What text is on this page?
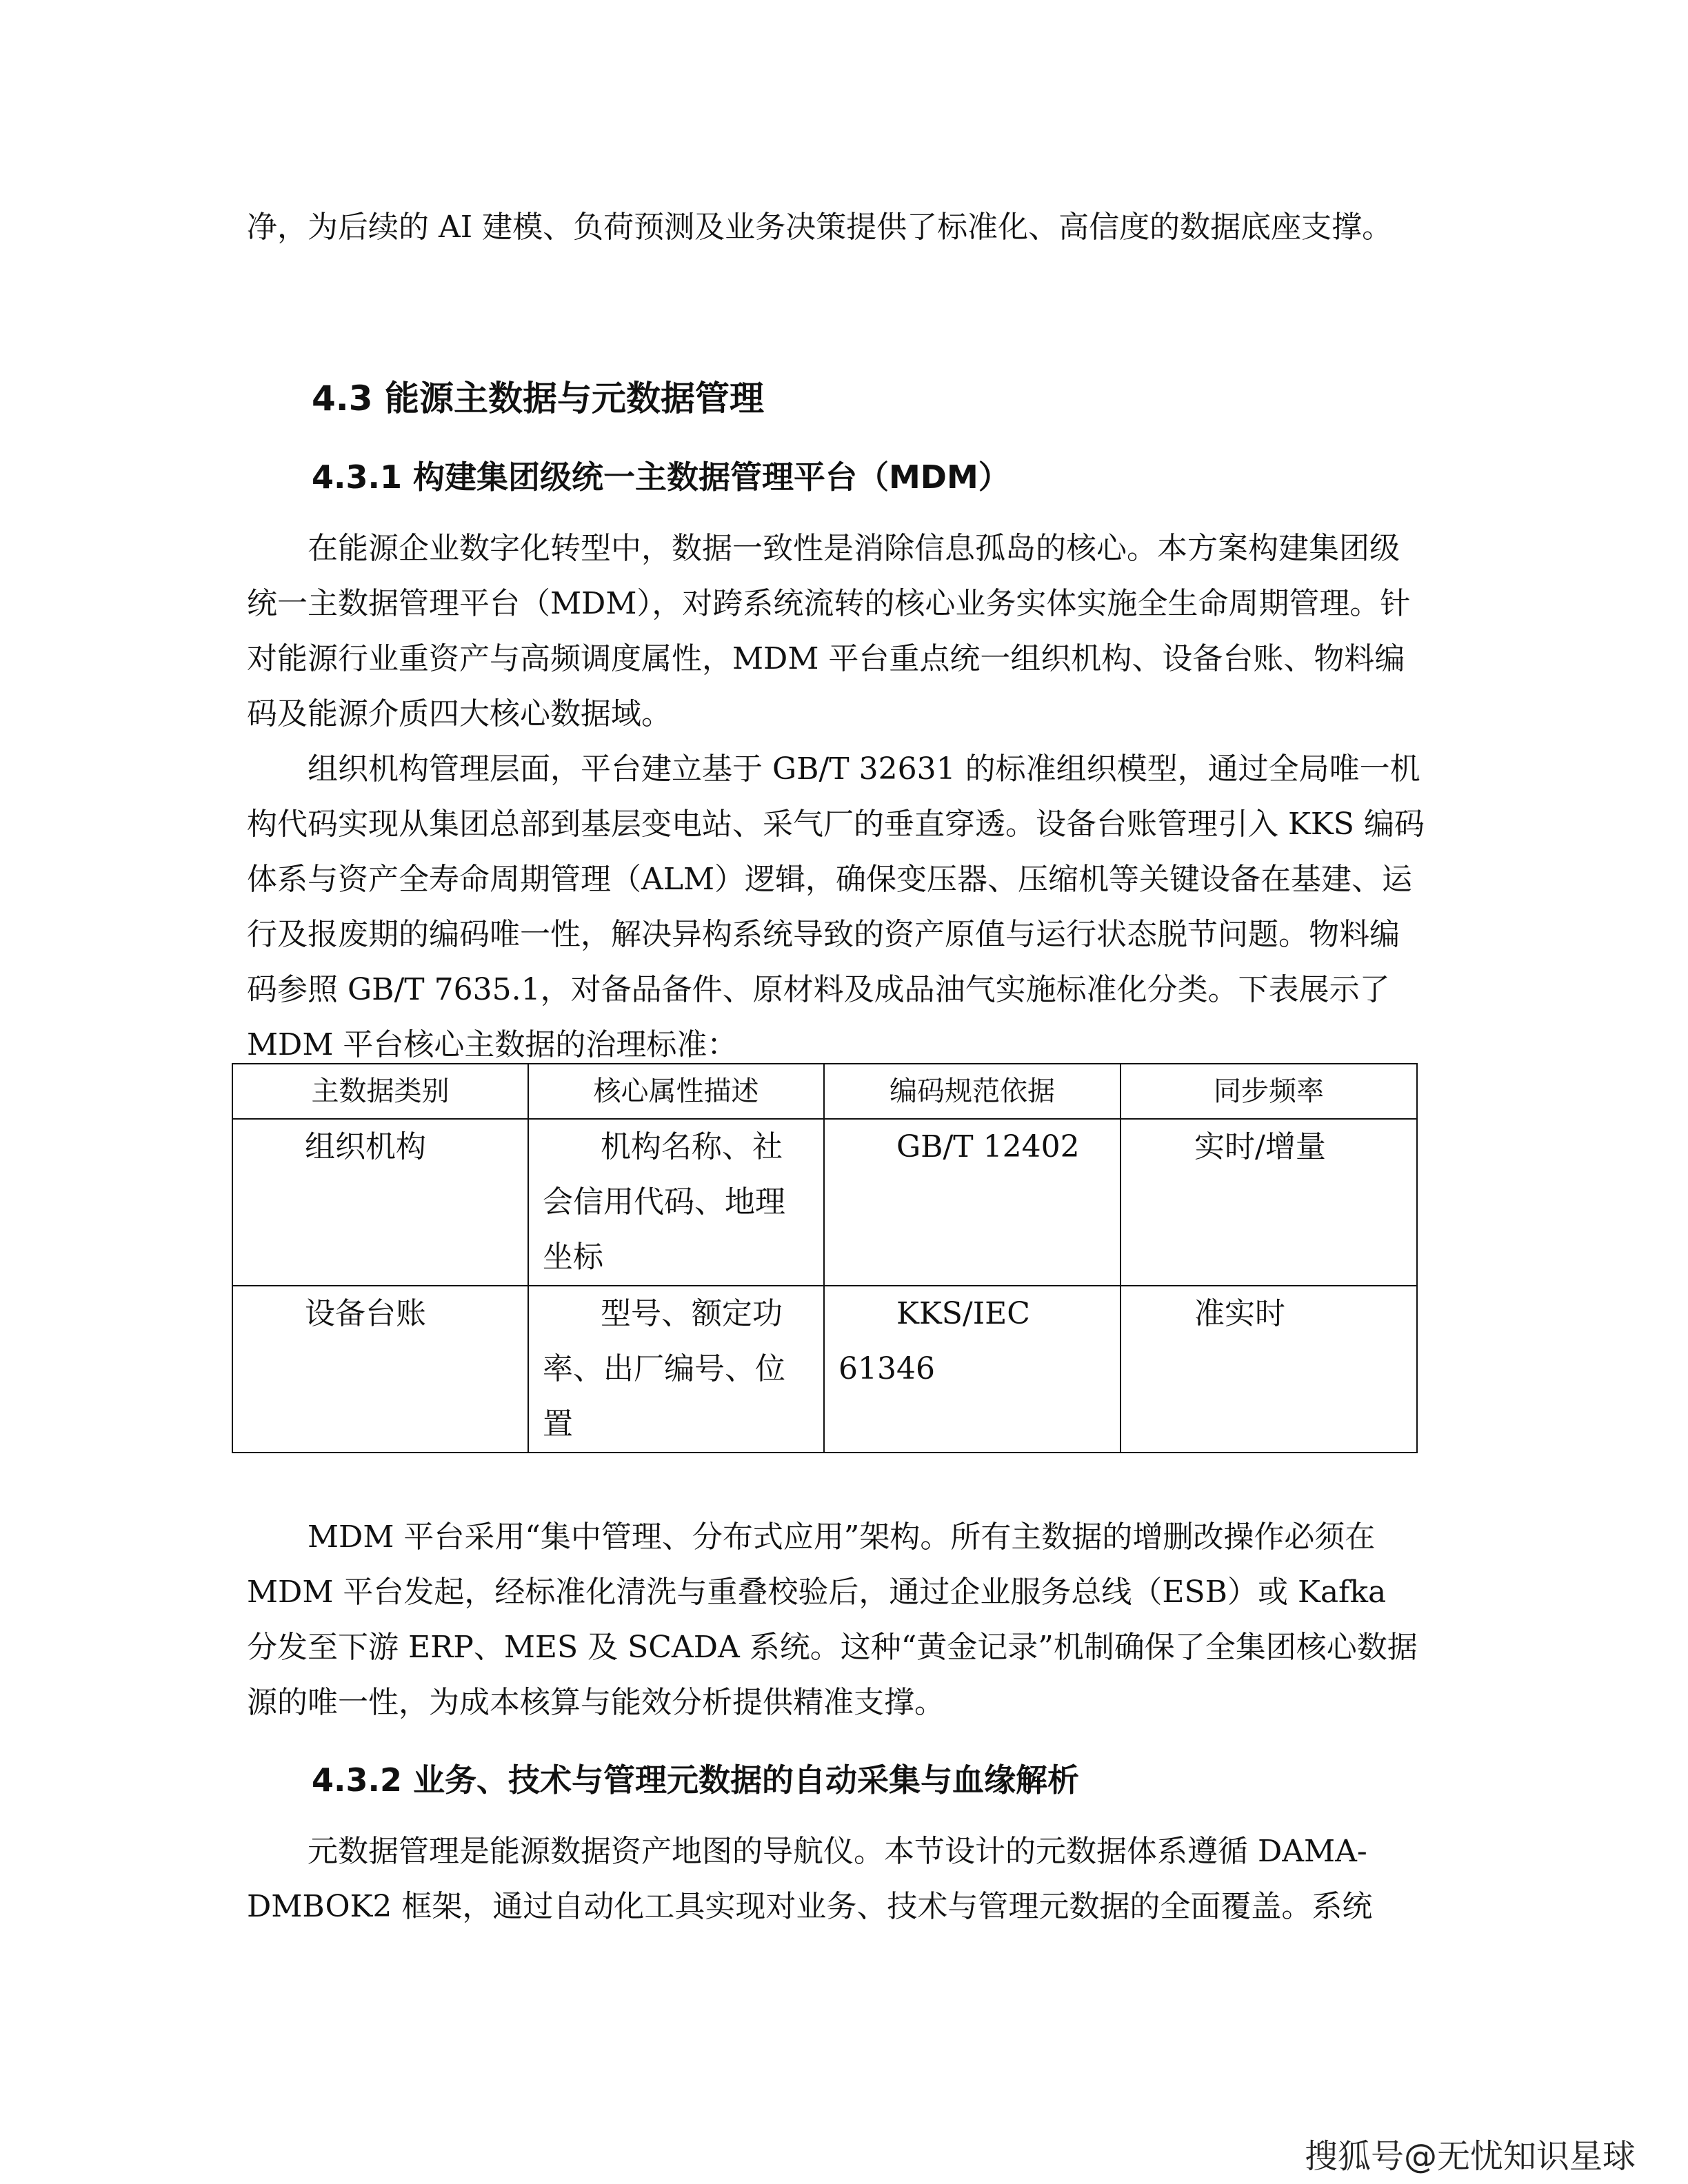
净，为后续的 AI 建模、负荷预测及业务决策提供了标准化、高信度的数据底座支撑。

4.3 能源主数据与元数据管理
4.3.1 构建集团级统一主数据管理平台（MDM）

在能源企业数字化转型中，数据一致性是消除信息孤岛的核心。本方案构建集团级统一主数据管理平台（MDM），对跨系统流转的核心业务实体实施全生命周期管理。针对能源行业重资产与高频调度属性，MDM 平台重点统一组织机构、设备台账、物料编码及能源介质四大核心数据域。

组织机构管理层面，平台建立基于 GB/T 32631 的标准组织模型，通过全局唯一机构代码实现从集团总部到基层变电站、采气厂的垂直穿透。设备台账管理引入 KKS 编码体系与资产全寿命周期管理（ALM）逻辑，确保变压器、压缩机等关键设备在基建、运行及报废期的编码唯一性，解决异构系统导致的资产原值与运行状态脱节问题。物料编码参照 GB/T 7635.1，对备品备件、原材料及成品油气实施标准化分类。下表展示了 MDM 平台核心主数据的治理标准：

主数据类别	核心属性描述	编码规范依据	同步频率
组织机构	机构名称、社会信用代码、地理坐标	GB/T 12402	实时/增量
设备台账	型号、额定功率、出厂编号、位置	KKS/IEC 61346	准实时

MDM 平台采用“集中管理、分布式应用”架构。所有主数据的增删改操作必须在 MDM 平台发起，经标准化清洗与重叠校验后，通过企业服务总线（ESB）或 Kafka 分发至下游 ERP、MES 及 SCADA 系统。这种“黄金记录”机制确保了全集团核心数据源的唯一性，为成本核算与能效分析提供精准支撑。

4.3.2 业务、技术与管理元数据的自动采集与血缘解析

元数据管理是能源数据资产地图的导航仪。本节设计的元数据体系遵循 DAMA-DMBOK2 框架，通过自动化工具实现对业务、技术与管理元数据的全面覆盖。系统

搜狐号@无忧知识星球
